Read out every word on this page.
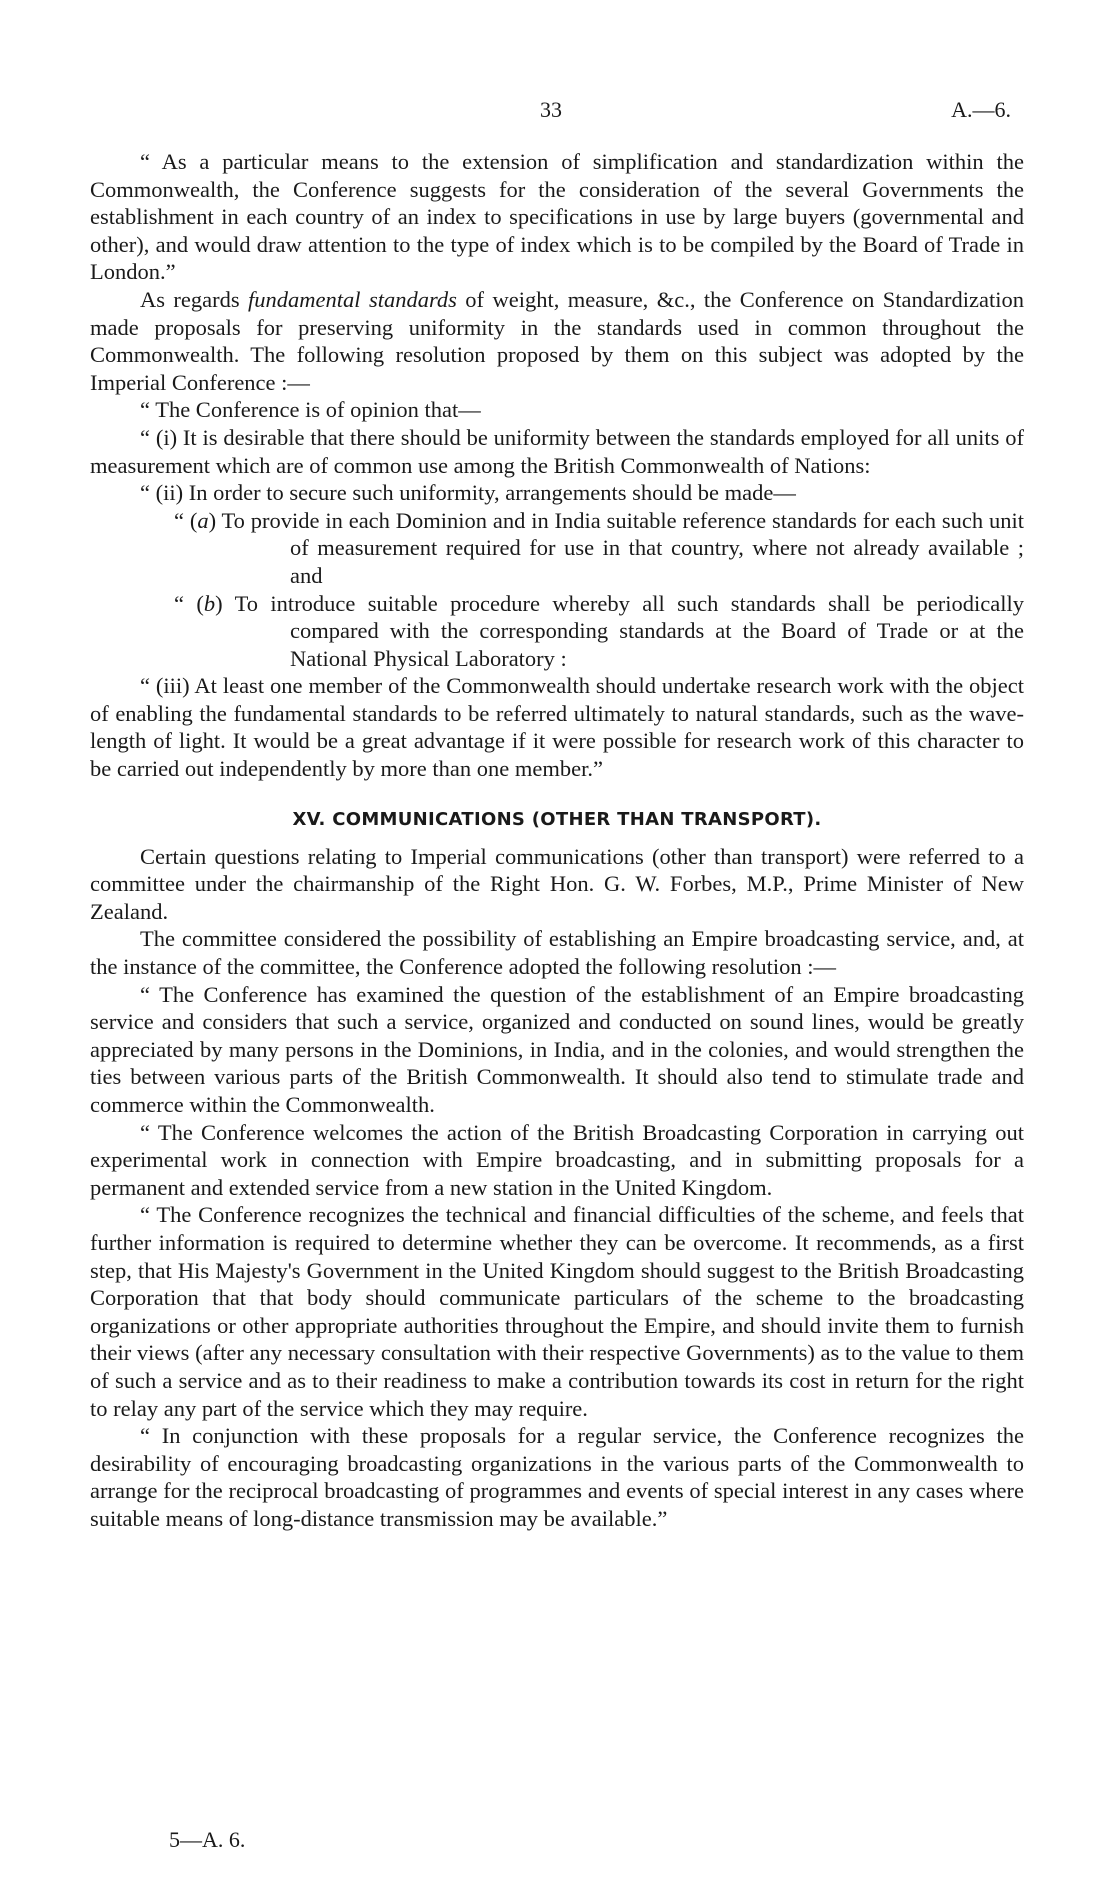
33	A.—6.

“ As a particular means to the extension of simplification and standardization within the Commonwealth, the Conference suggests for the consideration of the several Governments the establishment in each country of an index to specifications in use by large buyers (governmental and other), and would draw attention to the type of index which is to be compiled by the Board of Trade in London.”

As regards fundamental standards of weight, measure, &c., the Conference on Standardization made proposals for preserving uniformity in the standards used in common throughout the Commonwealth. The following resolution proposed by them on this subject was adopted by the Imperial Conference :—

“ The Conference is of opinion that—

“ (i) It is desirable that there should be uniformity between the standards employed for all units of measurement which are of common use among the British Commonwealth of Nations:

“ (ii) In order to secure such uniformity, arrangements should be made—

“ (a) To provide in each Dominion and in India suitable reference standards for each such unit of measurement required for use in that country, where not already available ; and

“ (b) To introduce suitable procedure whereby all such standards shall be periodically compared with the corresponding standards at the Board of Trade or at the National Physical Laboratory :

“ (iii) At least one member of the Commonwealth should undertake research work with the object of enabling the fundamental standards to be referred ultimately to natural standards, such as the wave-length of light. It would be a great advantage if it were possible for research work of this character to be carried out independently by more than one member.”

XV. COMMUNICATIONS (OTHER THAN TRANSPORT).

Certain questions relating to Imperial communications (other than transport) were referred to a committee under the chairmanship of the Right Hon. G. W. Forbes, M.P., Prime Minister of New Zealand.

The committee considered the possibility of establishing an Empire broadcasting service, and, at the instance of the committee, the Conference adopted the following resolution :—

“ The Conference has examined the question of the establishment of an Empire broadcasting service and considers that such a service, organized and conducted on sound lines, would be greatly appreciated by many persons in the Dominions, in India, and in the colonies, and would strengthen the ties between various parts of the British Commonwealth. It should also tend to stimulate trade and commerce within the Commonwealth.

“ The Conference welcomes the action of the British Broadcasting Corporation in carrying out experimental work in connection with Empire broadcasting, and in submitting proposals for a permanent and extended service from a new station in the United Kingdom.

“ The Conference recognizes the technical and financial difficulties of the scheme, and feels that further information is required to determine whether they can be overcome. It recommends, as a first step, that His Majesty's Government in the United Kingdom should suggest to the British Broadcasting Corporation that that body should communicate particulars of the scheme to the broadcasting organizations or other appropriate authorities throughout the Empire, and should invite them to furnish their views (after any necessary consultation with their respective Governments) as to the value to them of such a service and as to their readiness to make a contribution towards its cost in return for the right to relay any part of the service which they may require.

“ In conjunction with these proposals for a regular service, the Conference recognizes the desirability of encouraging broadcasting organizations in the various parts of the Commonwealth to arrange for the reciprocal broadcasting of programmes and events of special interest in any cases where suitable means of long-distance transmission may be available.”

5—A. 6.
